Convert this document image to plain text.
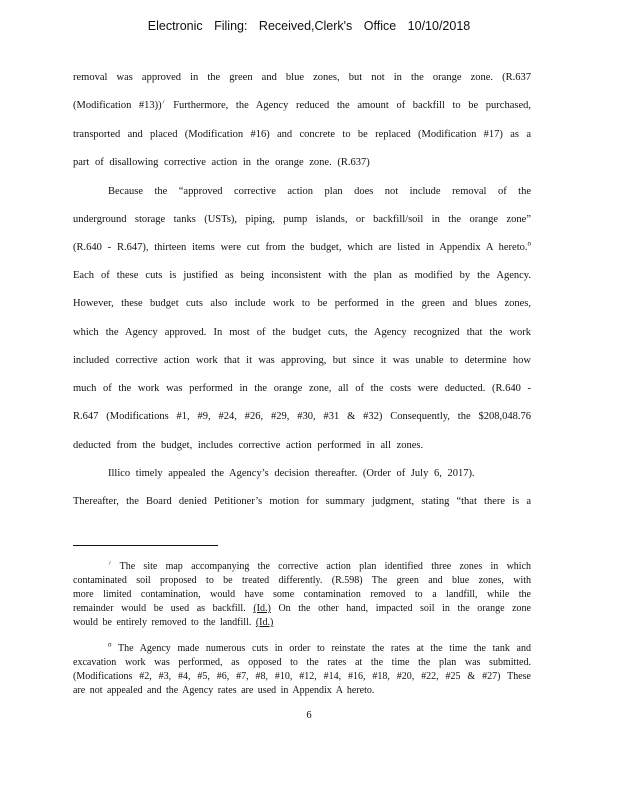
Electronic Filing: Received,Clerk's Office 10/10/2018
removal was approved in the green and blue zones, but not in the orange zone. (R.637
(Modification #13))$^7$ Furthermore, the Agency reduced the amount of backfill to be purchased,
transported and placed (Modification #16) and concrete to be replaced (Modification #17) as a
part of disallowing corrective action in the orange zone. (R.637)
Because the “approved corrective action plan does not include removal of the
underground storage tanks (USTs), piping, pump islands, or backfill/soil in the orange zone”
(R.640 - R.647), thirteen items were cut from the budget, which are listed in Appendix A hereto.$^8$
Each of these cuts is justified as being inconsistent with the plan as modified by the Agency.
However, these budget cuts also include work to be performed in the green and blues zones,
which the Agency approved. In most of the budget cuts, the Agency recognized that the work
included corrective action work that it was approving, but since it was unable to determine how
much of the work was performed in the orange zone, all of the costs were deducted. (R.640 -
R.647 (Modifications #1, #9, #24, #26, #29, #30, #31 & #32) Consequently, the $208,048.76
deducted from the budget, includes corrective action performed in all zones.
Illico timely appealed the Agency’s decision thereafter. (Order of July 6, 2017).
Thereafter, the Board denied Petitioner’s motion for summary judgment, stating “that there is a
$^7$ The site map accompanying the corrective action plan identified three zones in which
contaminated soil proposed to be treated differently. (R.598) The green and blue zones, with
more limited contamination, would have some contamination removed to a landfill, while the
remainder would be used as backfill. (Id.) On the other hand, impacted soil in the orange zone
would be entirely removed to the landfill. (Id.)
$^8$ The Agency made numerous cuts in order to reinstate the rates at the time the tank and
excavation work was performed, as opposed to the rates at the time the plan was submitted.
(Modifications #2, #3, #4, #5, #6, #7, #8, #10, #12, #14, #16, #18, #20, #22, #25 & #27) These
are not appealed and the Agency rates are used in Appendix A hereto.
6
